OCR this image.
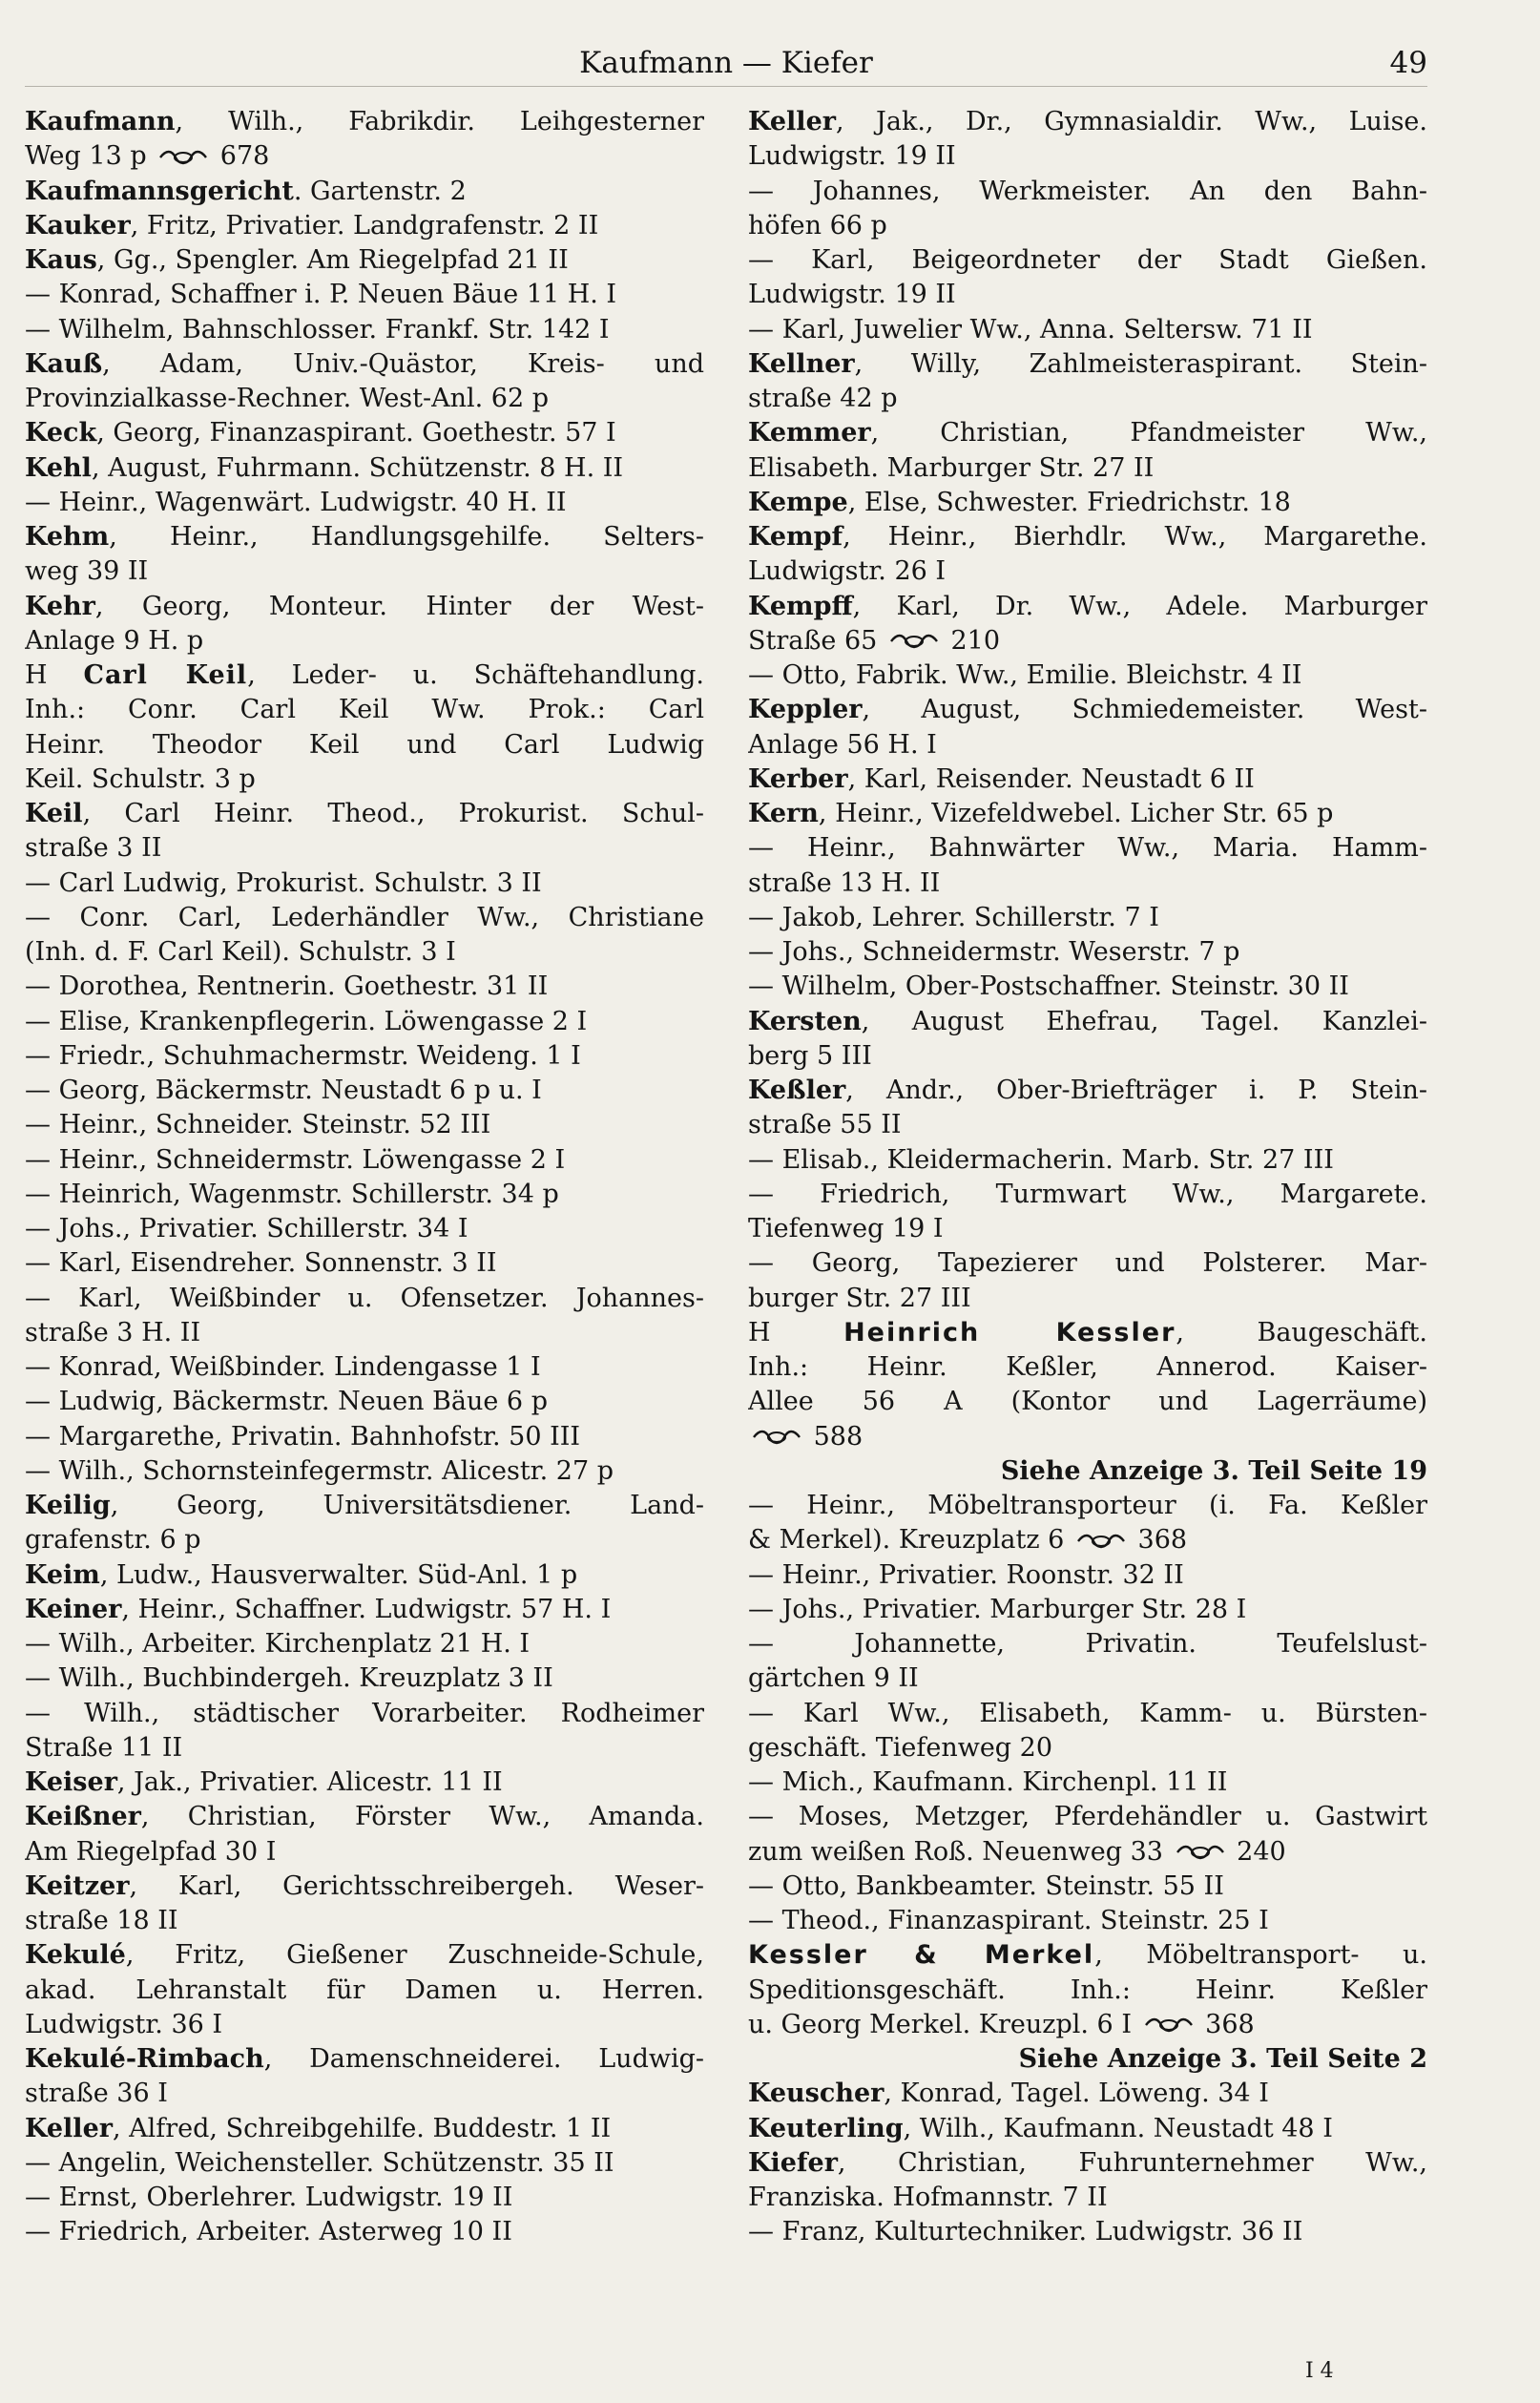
Kaufmann — Kiefer	49
Kaufmann, Wilh., Fabrikdir. Leihgesterner
Weg 13 p  678
Kaufmannsgericht. Gartenstr. 2
Kauker, Fritz, Privatier. Landgrafenstr. 2 II
Kaus, Gg., Spengler. Am Riegelpfad 21 II
— Konrad, Schaffner i. P. Neuen Bäue 11 H. I
— Wilhelm, Bahnschlosser. Frankf. Str. 142 I
Kauß, Adam, Univ.-Quästor, Kreis- und
Provinzialkasse-Rechner. West-Anl. 62 p
Keck, Georg, Finanzaspirant. Goethestr. 57 I
Kehl, August, Fuhrmann. Schützenstr. 8 H. II
— Heinr., Wagenwärt. Ludwigstr. 40 H. II
Kehm, Heinr., Handlungsgehilfe. Selters-
weg 39 II
Kehr, Georg, Monteur. Hinter der West-
Anlage 9 H. p
H Carl Keil, Leder- u. Schäftehandlung.
Inh.: Conr. Carl Keil Ww. Prok.: Carl
Heinr. Theodor Keil und Carl Ludwig
Keil. Schulstr. 3 p
Keil, Carl Heinr. Theod., Prokurist. Schul-
straße 3 II
— Carl Ludwig, Prokurist. Schulstr. 3 II
— Conr. Carl, Lederhändler Ww., Christiane
(Inh. d. F. Carl Keil). Schulstr. 3 I
— Dorothea, Rentnerin. Goethestr. 31 II
— Elise, Krankenpflegerin. Löwengasse 2 I
— Friedr., Schuhmachermstr. Weideng. 1 I
— Georg, Bäckermstr. Neustadt 6 p u. I
— Heinr., Schneider. Steinstr. 52 III
— Heinr., Schneidermstr. Löwengasse 2 I
— Heinrich, Wagenmstr. Schillerstr. 34 p
— Johs., Privatier. Schillerstr. 34 I
— Karl, Eisendreher. Sonnenstr. 3 II
— Karl, Weißbinder u. Ofensetzer. Johannes-
straße 3 H. II
— Konrad, Weißbinder. Lindengasse 1 I
— Ludwig, Bäckermstr. Neuen Bäue 6 p
— Margarethe, Privatin. Bahnhofstr. 50 III
— Wilh., Schornsteinfegermstr. Alicestr. 27 p
Keilig, Georg, Universitätsdiener. Land-
grafenstr. 6 p
Keim, Ludw., Hausverwalter. Süd-Anl. 1 p
Keiner, Heinr., Schaffner. Ludwigstr. 57 H. I
— Wilh., Arbeiter. Kirchenplatz 21 H. I
— Wilh., Buchbindergeh. Kreuzplatz 3 II
— Wilh., städtischer Vorarbeiter. Rodheimer
Straße 11 II
Keiser, Jak., Privatier. Alicestr. 11 II
Keißner, Christian, Förster Ww., Amanda.
Am Riegelpfad 30 I
Keitzer, Karl, Gerichtsschreibergeh. Weser-
straße 18 II
Kekulé, Fritz, Gießener Zuschneide-Schule,
akad. Lehranstalt für Damen u. Herren.
Ludwigstr. 36 I
Kekulé-Rimbach, Damenschneiderei. Ludwig-
straße 36 I
Keller, Alfred, Schreibgehilfe. Buddestr. 1 II
— Angelin, Weichensteller. Schützenstr. 35 II
— Ernst, Oberlehrer. Ludwigstr. 19 II
— Friedrich, Arbeiter. Asterweg 10 II
Keller, Jak., Dr., Gymnasialdir. Ww., Luise.
Ludwigstr. 19 II
— Johannes, Werkmeister. An den Bahn-
höfen 66 p
— Karl, Beigeordneter der Stadt Gießen.
Ludwigstr. 19 II
— Karl, Juwelier Ww., Anna. Seltersw. 71 II
Kellner, Willy, Zahlmeisteraspirant. Stein-
straße 42 p
Kemmer, Christian, Pfandmeister Ww.,
Elisabeth. Marburger Str. 27 II
Kempe, Else, Schwester. Friedrichstr. 18
Kempf, Heinr., Bierhdlr. Ww., Margarethe.
Ludwigstr. 26 I
Kempff, Karl, Dr. Ww., Adele. Marburger
Straße 65  210
— Otto, Fabrik. Ww., Emilie. Bleichstr. 4 II
Keppler, August, Schmiedemeister. West-
Anlage 56 H. I
Kerber, Karl, Reisender. Neustadt 6 II
Kern, Heinr., Vizefeldwebel. Licher Str. 65 p
— Heinr., Bahnwärter Ww., Maria. Hamm-
straße 13 H. II
— Jakob, Lehrer. Schillerstr. 7 I
— Johs., Schneidermstr. Weserstr. 7 p
— Wilhelm, Ober-Postschaffner. Steinstr. 30 II
Kersten, August Ehefrau, Tagel. Kanzlei-
berg 5 III
Keßler, Andr., Ober-Briefträger i. P. Stein-
straße 55 II
— Elisab., Kleidermacherin. Marb. Str. 27 III
— Friedrich, Turmwart Ww., Margarete.
Tiefenweg 19 I
— Georg, Tapezierer und Polsterer. Mar-
burger Str. 27 III
H Heinrich Kessler, Baugeschäft.
Inh.: Heinr. Keßler, Annerod. Kaiser-
Allee 56 A (Kontor und Lagerräume)
588
Siehe Anzeige 3. Teil Seite 19
— Heinr., Möbeltransporteur (i. Fa. Keßler
& Merkel). Kreuzplatz 6  368
— Heinr., Privatier. Roonstr. 32 II
— Johs., Privatier. Marburger Str. 28 I
— Johannette, Privatin. Teufelslust-
gärtchen 9 II
— Karl Ww., Elisabeth, Kamm- u. Bürsten-
geschäft. Tiefenweg 20
— Mich., Kaufmann. Kirchenpl. 11 II
— Moses, Metzger, Pferdehändler u. Gastwirt
zum weißen Roß. Neuenweg 33  240
— Otto, Bankbeamter. Steinstr. 55 II
— Theod., Finanzaspirant. Steinstr. 25 I
Kessler & Merkel, Möbeltransport- u.
Speditionsgeschäft. Inh.: Heinr. Keßler
u. Georg Merkel. Kreuzpl. 6 I  368
Siehe Anzeige 3. Teil Seite 2
Keuscher, Konrad, Tagel. Löweng. 34 I
Keuterling, Wilh., Kaufmann. Neustadt 48 I
Kiefer, Christian, Fuhrunternehmer Ww.,
Franziska. Hofmannstr. 7 II
— Franz, Kulturtechniker. Ludwigstr. 36 II
I 4
